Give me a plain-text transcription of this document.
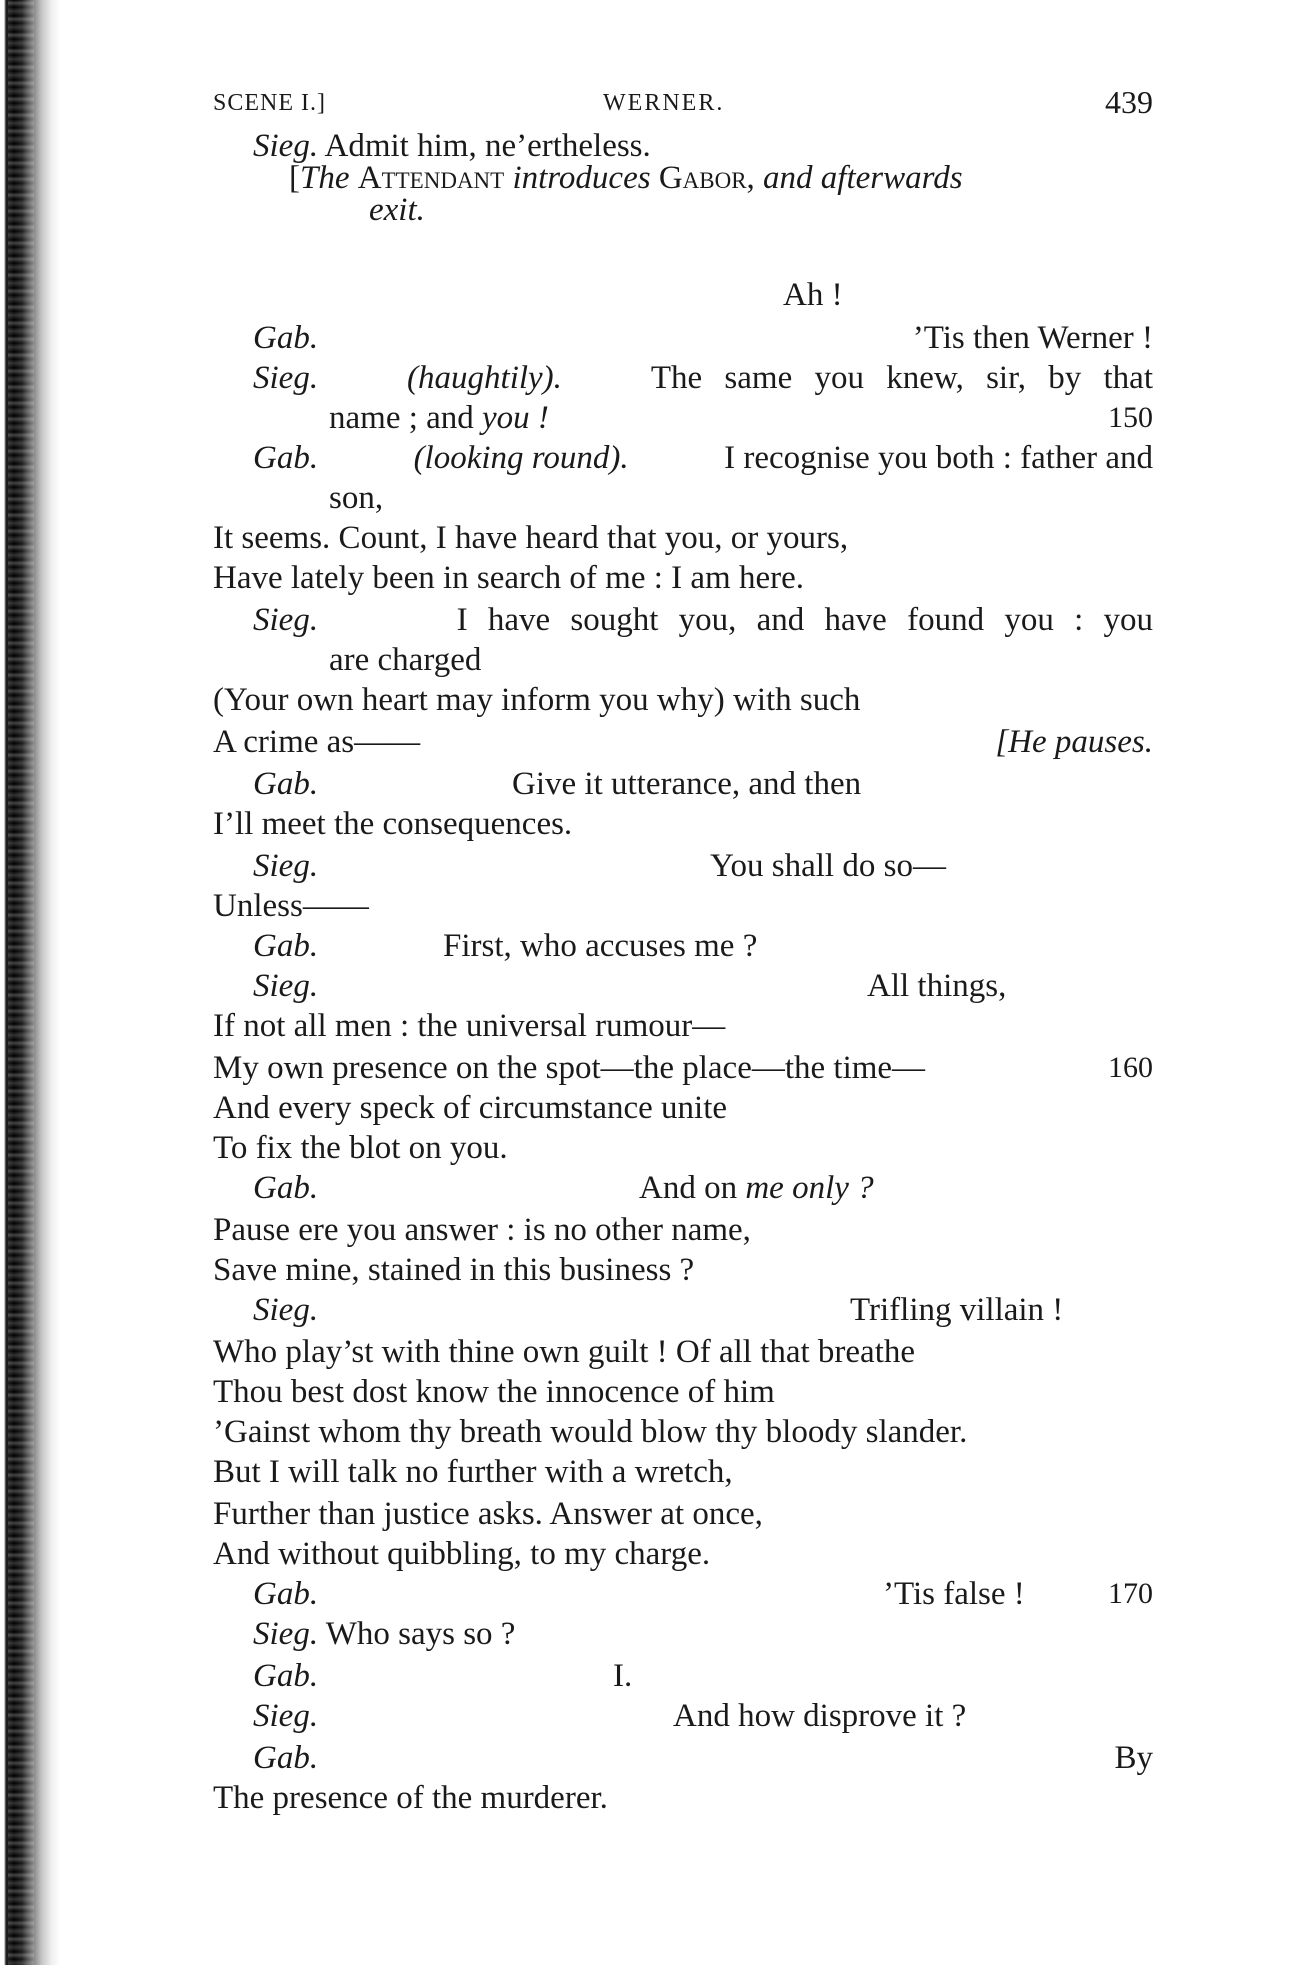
SCENE I.]	WERNER.	439
Sieg. Admit him, ne’ertheless.
[The Attendant introduces Gabor, and afterwards
exit.
Ah !
Gab.	’Tis then Werner !
Sieg.	(haughtily).	The same you knew, sir, by that
name ; and you !	150
Gab.	(looking round).	I recognise you both : father and
son,
It seems. Count, I have heard that you, or yours,
Have lately been in search of me : I am here.
Sieg.	I have sought you, and have found you : you
are charged
(Your own heart may inform you why) with such
A crime as——	[He pauses.
Gab.	Give it utterance, and then
I’ll meet the consequences.
Sieg.	You shall do so—
Unless——
Gab.	First, who accuses me ?
Sieg.	All things,
If not all men : the universal rumour—
My own presence on the spot—the place—the time—	160
And every speck of circumstance unite
To fix the blot on you.
Gab.	And on me only ?
Pause ere you answer : is no other name,
Save mine, stained in this business ?
Sieg.	Trifling villain !
Who play’st with thine own guilt ! Of all that breathe
Thou best dost know the innocence of him
’Gainst whom thy breath would blow thy bloody slander.
But I will talk no further with a wretch,
Further than justice asks. Answer at once,
And without quibbling, to my charge.
Gab.	’Tis false !	170
Sieg. Who says so ?
Gab.	I.
Sieg.	And how disprove it ?
Gab.	By
The presence of the murderer.
